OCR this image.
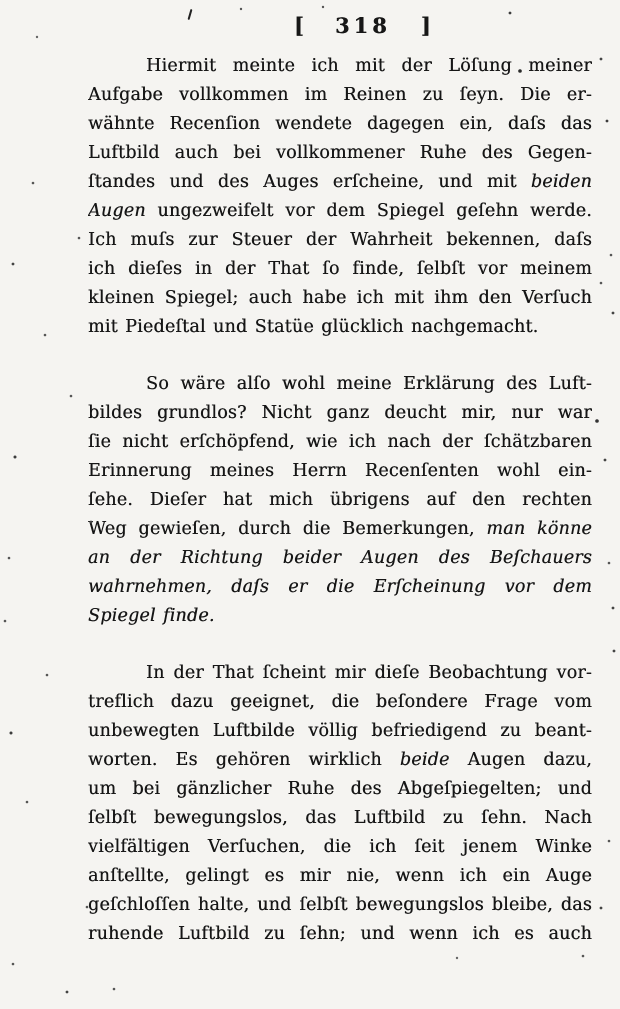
[ 318 ]
Hiermit meinte ich mit der Löſung meiner
Aufgabe vollkommen im Reinen zu ſeyn. Die er-
wähnte Recenſion wendete dagegen ein, daſs das
Luftbild auch bei vollkommener Ruhe des Gegen-
ſtandes und des Auges erſcheine, und mit beiden
Augen ungezweifelt vor dem Spiegel geſehn werde.
Ich muſs zur Steuer der Wahrheit bekennen, daſs
ich dieſes in der That ſo finde, ſelbſt vor meinem
kleinen Spiegel; auch habe ich mit ihm den Verſuch
mit Piedeſtal und Statüe glücklich nachgemacht.
So wäre alſo wohl meine Erklärung des Luft-
bildes grundlos? Nicht ganz deucht mir, nur war
ſie nicht erſchöpfend, wie ich nach der ſchätzbaren
Erinnerung meines Herrn Recenſenten wohl ein-
ſehe. Dieſer hat mich übrigens auf den rechten
Weg gewieſen, durch die Bemerkungen, man könne
an der Richtung beider Augen des Beſchauers
wahrnehmen, daſs er die Erſcheinung vor dem
Spiegel finde.
In der That ſcheint mir dieſe Beobachtung vor-
treflich dazu geeignet, die beſondere Frage vom
unbewegten Luftbilde völlig befriedigend zu beant-
worten. Es gehören wirklich beide Augen dazu,
um bei gänzlicher Ruhe des Abgeſpiegelten; und
ſelbſt bewegungslos, das Luftbild zu ſehn. Nach
vielfältigen Verſuchen, die ich ſeit jenem Winke
anſtellte, gelingt es mir nie, wenn ich ein Auge
geſchloſſen halte, und ſelbſt bewegungslos bleibe, das
ruhende Luftbild zu ſehn; und wenn ich es auch
